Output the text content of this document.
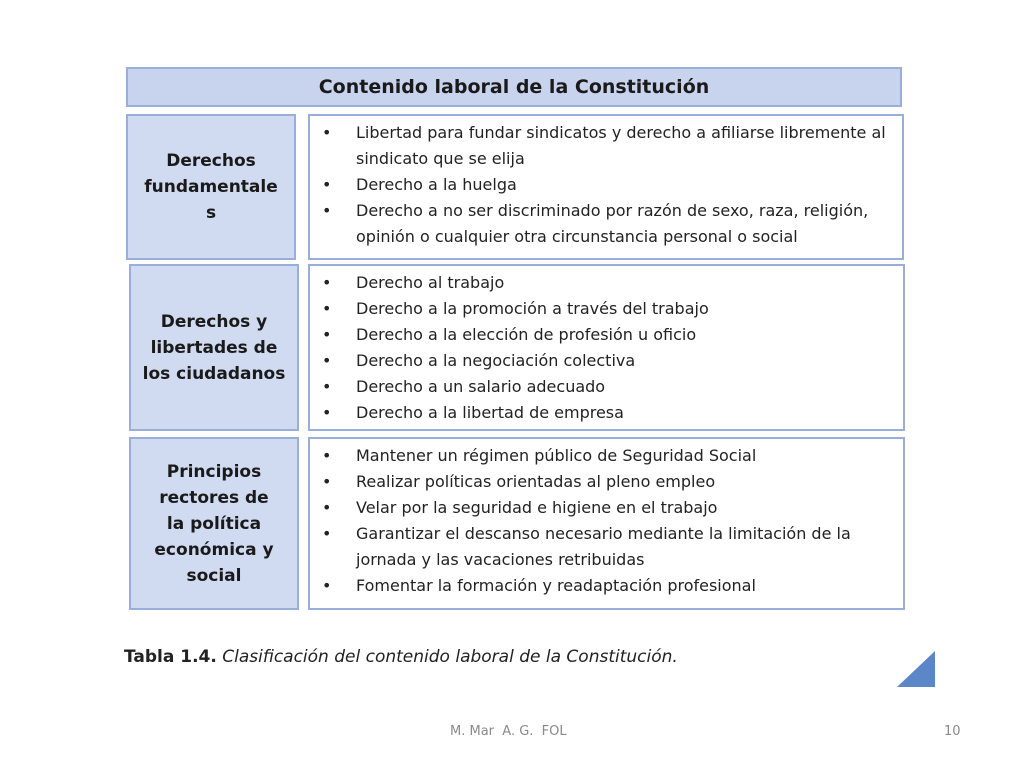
Contenido laboral de la Constitución
Derechos fundamentale s
• Libertad para fundar sindicatos y derecho a afiliarse libremente al sindicato que se elija
• Derecho a la huelga
• Derecho a no ser discriminado por razón de sexo, raza, religión, opinión o cualquier otra circunstancia personal o social
Derechos y libertades de los ciudadanos
• Derecho al trabajo
• Derecho a la promoción a través del trabajo
• Derecho a la elección de profesión u oficio
• Derecho a la negociación colectiva
• Derecho a un salario adecuado
• Derecho a la libertad de empresa
Principios rectores de la política económica y social
• Mantener un régimen público de Seguridad Social
• Realizar políticas orientadas al pleno empleo
• Velar por la seguridad e higiene en el trabajo
• Garantizar el descanso necesario mediante la limitación de la jornada y las vacaciones retribuidas
• Fomentar la formación y readaptación profesional
Tabla 1.4. Clasificación del contenido laboral de la Constitución.
M. Mar  A. G.  FOL	10
